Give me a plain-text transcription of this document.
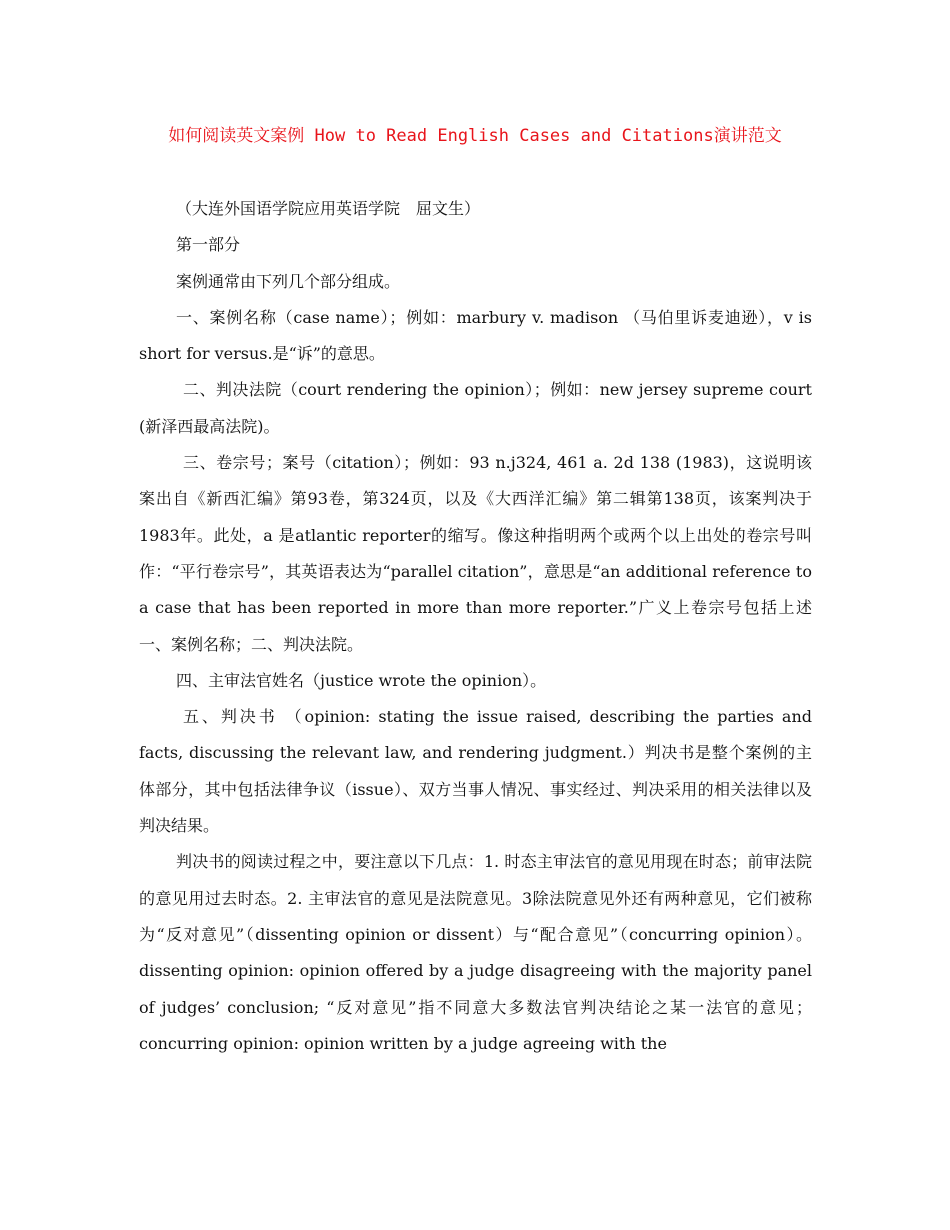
如何阅读英文案例 How to Read English Cases and Citations演讲范文

（大连外国语学院应用英语学院　屈文生）

第一部分

案例通常由下列几个部分组成。

一、案例名称（case name）；例如：marbury v. madison （马伯里诉麦迪逊），v is short for versus.是“诉”的意思。

二、判决法院（court rendering the opinion）；例如：new jersey supreme court (新泽西最高法院)。

三、卷宗号；案号（citation）；例如：93 n.j324, 461 a. 2d 138 (1983)，这说明该案出自《新西汇编》第93卷，第324页，以及《大西洋汇编》第二辑第138页，该案判决于1983年。此处，a 是atlantic reporter的缩写。像这种指明两个或两个以上出处的卷宗号叫作：“平行卷宗号”，其英语表达为“parallel citation”，意思是“an additional reference to a case that has been reported in more than more reporter.”广义上卷宗号包括上述一、案例名称；二、判决法院。

四、主审法官姓名（justice wrote the opinion）。

五、判决书 （opinion: stating the issue raised, describing the parties and facts, discussing the relevant law, and rendering judgment.）判决书是整个案例的主体部分，其中包括法律争议（issue）、双方当事人情况、事实经过、判决采用的相关法律以及判决结果。

判决书的阅读过程之中，要注意以下几点：1. 时态主审法官的意见用现在时态；前审法院的意见用过去时态。2. 主审法官的意见是法院意见。3除法院意见外还有两种意见，它们被称为“反对意见”（dissenting opinion or dissent）与“配合意见”（concurring opinion）。dissenting opinion: opinion offered by a judge disagreeing with the majority panel of judges’ conclusion; “反对意见”指不同意大多数法官判决结论之某一法官的意见；concurring opinion: opinion written by a judge agreeing with the
